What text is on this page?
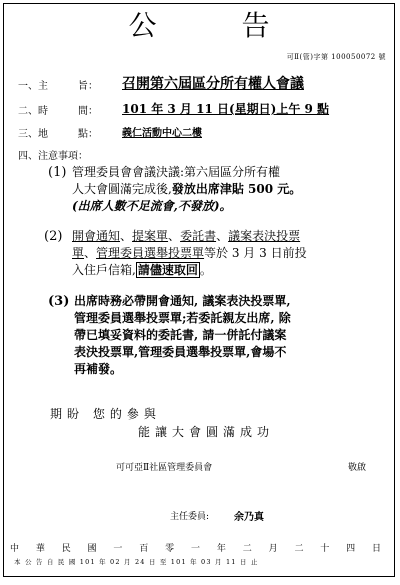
公 告
可Ⅱ(管)字第 100050072 號
一、主　　　旨： 召開第六屆區分所有權人會議
二、時　　　間： 101 年 3 月 11 日(星期日)上午 9 點
三、地　　　點： 義仁活動中心二樓
四、注意事項：
(1) 管理委員會會議決議:第六屆區分所有權
人大會圓滿完成後,發放出席津貼 500 元。
(出席人數不足流會,不發放)。
(2) 開會通知、提案單、委託書、議案表決投票
單、管理委員選舉投票單等於 3 月 3 日前投
入住戶信箱, 請儘速取回 。
(3) 出席時務必帶開會通知, 議案表決投票單,
管理委員選舉投票單;若委託親友出席, 除
帶已填妥資料的委託書, 請一併託付議案
表決投票單,管理委員選舉投票單,會場不
再補發。
期盼 您的參與
能讓大會圓滿成功
可可亞Ⅱ社區管理委員會	敬啟
主任委員: 余乃真
中 華 民 國 一 百 零 一 年 二 月 二 十 四 日
本 公 告 自 民 國 101 年 02 月 24 日 至 101 年 03 月 11 日 止
